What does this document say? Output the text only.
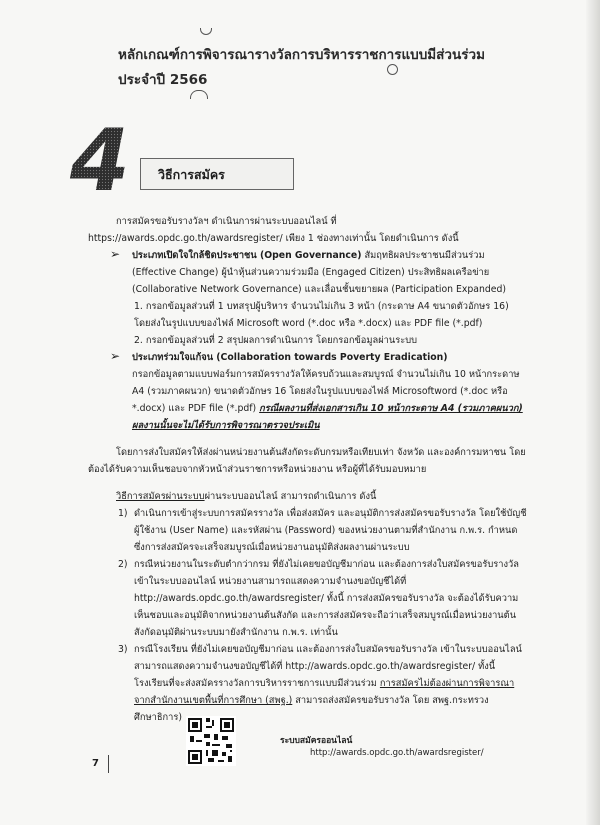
หลักเกณฑ์การพิจารณารางวัลการบริหารราชการแบบมีส่วนร่วม
ประจำปี 2566
4 วิธีการสมัคร

การสมัครขอรับรางวัลฯ ดำเนินการผ่านระบบออนไลน์ ที่ https://awards.opdc.go.th/awardsregister/ เพียง 1 ช่องทางเท่านั้น โดยดำเนินการ ดังนี้

➢ ประเภทเปิดใจใกล้ชิดประชาชน (Open Governance) สัมฤทธิผลประชาชนมีส่วนร่วม (Effective Change) ผู้นำหุ้นส่วนความร่วมมือ (Engaged Citizen) ประสิทธิผลเครือข่าย (Collaborative Network Governance) และเลื่อนชั้นขยายผล (Participation Expanded)

1. กรอกข้อมูลส่วนที่ 1 บทสรุปผู้บริหาร จำนวนไม่เกิน 3 หน้า (กระดาษ A4 ขนาดตัวอักษร 16) โดยส่งในรูปแบบของไฟล์ Microsoft word (*.doc หรือ *.docx) และ PDF file (*.pdf)

2. กรอกข้อมูลส่วนที่ 2 สรุปผลการดำเนินการ โดยกรอกข้อมูลผ่านระบบ

➢ ประเภทร่วมใจแก้จน (Collaboration towards Poverty Eradication)

กรอกข้อมูลตามแบบฟอร์มการสมัครรางวัลให้ครบถ้วนและสมบูรณ์ จำนวนไม่เกิน 10 หน้ากระดาษ A4 (รวมภาคผนวก) ขนาดตัวอักษร 16 โดยส่งในรูปแบบของไฟล์ Microsoftword (*.doc หรือ *.docx) และ PDF file (*.pdf) กรณีผลงานที่ส่งเอกสารเกิน 10 หน้ากระดาษ A4 (รวมภาคผนวก) ผลงานนั้นจะไม่ได้รับการพิจารณาตรวจประเมิน

โดยการส่งใบสมัครให้ส่งผ่านหน่วยงานต้นสังกัดระดับกรมหรือเทียบเท่า จังหวัด และองค์การมหาชน โดยต้องได้รับความเห็นชอบจากหัวหน้าส่วนราชการหรือหน่วยงาน หรือผู้ที่ได้รับมอบหมาย

วิธีการสมัครผ่านระบบผ่านระบบออนไลน์ สามารถดำเนินการ ดังนี้

1) ดำเนินการเข้าสู่ระบบการสมัครรางวัล เพื่อส่งสมัคร และอนุมัติการส่งสมัครขอรับรางวัล โดยใช้บัญชีผู้ใช้งาน (User Name) และรหัสผ่าน (Password) ของหน่วยงานตามที่สำนักงาน ก.พ.ร. กำหนด ซึ่งการส่งสมัครจะเสร็จสมบูรณ์เมื่อหน่วยงานอนุมัติส่งผลงานผ่านระบบ

2) กรณีหน่วยงานในระดับตำกว่ากรม ที่ยังไม่เคยขอบัญชีมาก่อน และต้องการส่งใบสมัครขอรับรางวัล เข้าในระบบออนไลน์ หน่วยงานสามารถแสดงความจำนงขอบัญชีได้ที่ http://awards.opdc.go.th/awardsregister/ ทั้งนี้ การส่งสมัครขอรับรางวัล จะต้องได้รับความเห็นชอบและอนุมัติจากหน่วยงานต้นสังกัด และการส่งสมัครจะถือว่าเสร็จสมบูรณ์เมื่อหน่วยงานต้นสังกัดอนุมัติผ่านระบบมายังสำนักงาน ก.พ.ร. เท่านั้น

3) กรณีโรงเรียน ที่ยังไม่เคยขอบัญชีมาก่อน และต้องการส่งใบสมัครขอรับรางวัล เข้าในระบบออนไลน์ สามารถแสดงความจำนงขอบัญชีได้ที่ http://awards.opdc.go.th/awardsregister/ ทั้งนี้ โรงเรียนที่จะส่งสมัครรางวัลการบริหารราชการแบบมีส่วนร่วม การสมัครไม่ต้องผ่านการพิจารณาจากสำนักงานเขตพื้นที่การศึกษา (สพฐ.) สามารถส่งสมัครขอรับรางวัล โดย สพฐ.กระทรวงศึกษาธิการ)

ระบบสมัครออนไลน์
http://awards.opdc.go.th/awardsregister/
7
